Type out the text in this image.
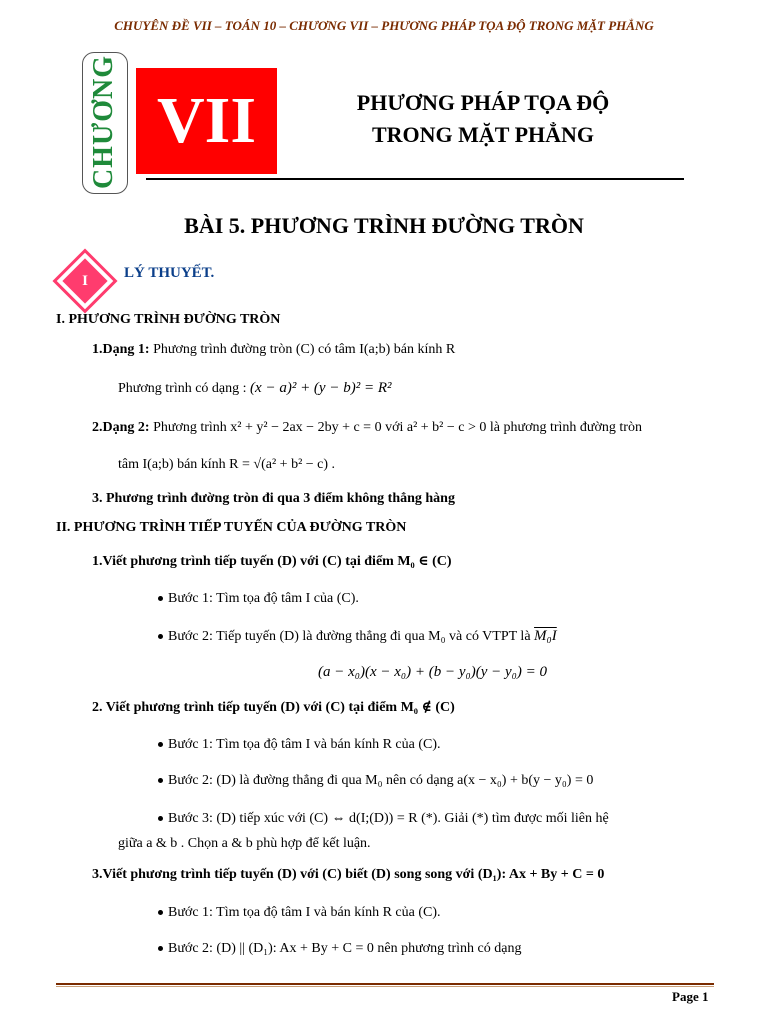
CHUYÊN ĐỀ VII – TOÁN 10 – CHƯƠNG VII – PHƯƠNG PHÁP TỌA ĐỘ TRONG MẶT PHẲNG
CHƯƠNG VII	PHƯƠNG PHÁP TỌA ĐỘ
TRONG MẶT PHẲNG
BÀI 5. PHƯƠNG TRÌNH ĐƯỜNG TRÒN
I	LÝ THUYẾT.
I. PHƯƠNG TRÌNH ĐƯỜNG TRÒN
1.Dạng 1: Phương trình đường tròn (C) có tâm I(a;b) bán kính R
Phương trình có dạng : (x − a)² + (y − b)² = R²
2.Dạng 2: Phương trình x² + y² − 2ax − 2by + c = 0 với a² + b² − c > 0 là phương trình đường tròn
tâm I(a;b) bán kính R = √(a² + b² − c) .
3. Phương trình đường tròn đi qua 3 điểm không thẳng hàng
II. PHƯƠNG TRÌNH TIẾP TUYẾN CỦA ĐƯỜNG TRÒN
1.Viết phương trình tiếp tuyến (D) với (C) tại điểm M₀ ∈ (C)
Bước 1: Tìm tọa độ tâm I của (C).
Bước 2: Tiếp tuyến (D) là đường thẳng đi qua M₀ và có VTPT là M₀I
(a − x₀)(x − x₀) + (b − y₀)(y − y₀) = 0
2. Viết phương trình tiếp tuyến (D) với (C) tại điểm M₀ ∉ (C)
Bước 1: Tìm tọa độ tâm I và bán kính R của (C).
Bước 2: (D) là đường thẳng đi qua M₀ nên có dạng a(x − x₀) + b(y − y₀) = 0
Bước 3: (D) tiếp xúc với (C) ⇔ d(I;(D)) = R (*). Giải (*) tìm được mối liên hệ
giữa a & b . Chọn a & b phù hợp để kết luận.
3.Viết phương trình tiếp tuyến (D) với (C) biết (D) song song với (D₁): Ax + By + C = 0
Bước 1: Tìm tọa độ tâm I và bán kính R của (C).
Bước 2: (D) || (D₁): Ax + By + C = 0 nên phương trình có dạng
Page 1
